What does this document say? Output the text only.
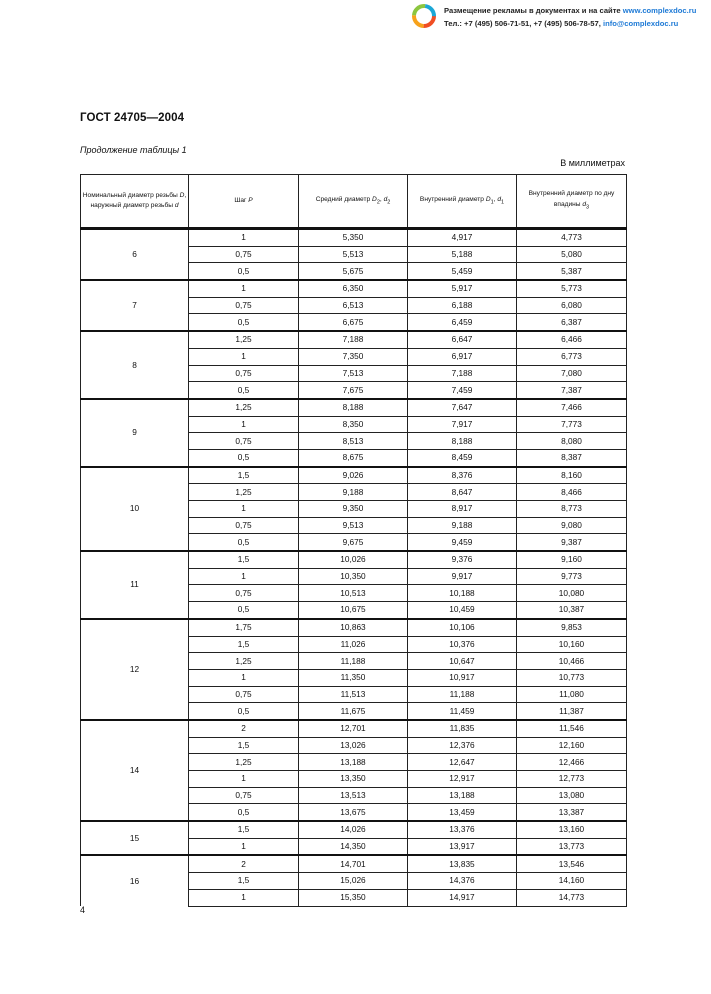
Размещение рекламы в документах и на сайте www.complexdoc.ru
Тел.: +7 (495) 506-71-51, +7 (495) 506-78-57, info@complexdoc.ru
ГОСТ 24705—2004
Продолжение таблицы 1
В миллиметрах
Номинальный диаметр резьбы D, наружный диаметр резьбы d	Шаг P	Средний диаметр $D_2$, $d_2$	Внутренний диаметр $D_1$, $d_1$	Внутренний диаметр по дну впадины $d_3$
6	1	5,350	4,917	4,773
	0,75	5,513	5,188	5,080
	0,5	5,675	5,459	5,387
7	1	6,350	5,917	5,773
	0,75	6,513	6,188	6,080
	0,5	6,675	6,459	6,387
8	1,25	7,188	6,647	6,466
	1	7,350	6,917	6,773
	0,75	7,513	7,188	7,080
	0,5	7,675	7,459	7,387
9	1,25	8,188	7,647	7,466
	1	8,350	7,917	7,773
	0,75	8,513	8,188	8,080
	0,5	8,675	8,459	8,387
10	1,5	9,026	8,376	8,160
	1,25	9,188	8,647	8,466
	1	9,350	8,917	8,773
	0,75	9,513	9,188	9,080
	0,5	9,675	9,459	9,387
11	1,5	10,026	9,376	9,160
	1	10,350	9,917	9,773
	0,75	10,513	10,188	10,080
	0,5	10,675	10,459	10,387
12	1,75	10,863	10,106	9,853
	1,5	11,026	10,376	10,160
	1,25	11,188	10,647	10,466
	1	11,350	10,917	10,773
	0,75	11,513	11,188	11,080
	0,5	11,675	11,459	11,387
14	2	12,701	11,835	11,546
	1,5	13,026	12,376	12,160
	1,25	13,188	12,647	12,466
	1	13,350	12,917	12,773
	0,75	13,513	13,188	13,080
	0,5	13,675	13,459	13,387
15	1,5	14,026	13,376	13,160
	1	14,350	13,917	13,773
16	2	14,701	13,835	13,546
	1,5	15,026	14,376	14,160
	1	15,350	14,917	14,773
4
